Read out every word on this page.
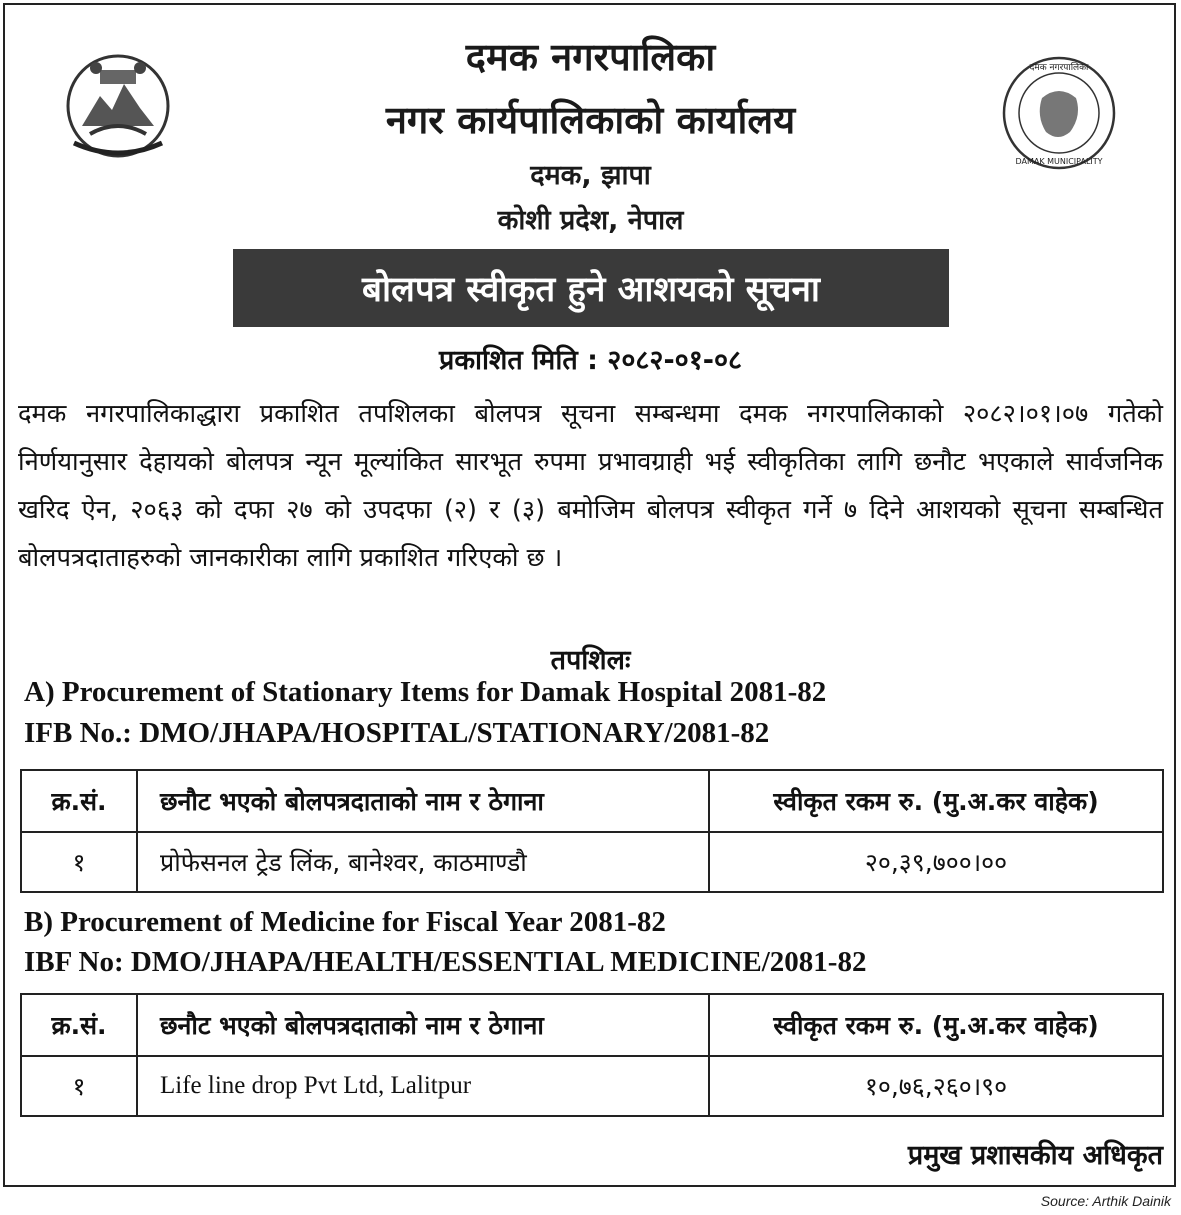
दमक नगरपालिका
DAMAK MUNICIPALITY
दमक नगरपालिका
नगर कार्यपालिकाको कार्यालय
दमक, झापा
कोशी प्रदेश, नेपाल
बोलपत्र स्वीकृत हुने आशयको सूचना
प्रकाशित मिति : २०८२-०१-०८
दमक नगरपालिकाद्धारा प्रकाशित तपशिलका बोलपत्र सूचना सम्बन्धमा दमक नगरपालिकाको २०८२।०१।०७ गतेको निर्णयानुसार देहायको बोलपत्र न्यून मूल्यांकित सारभूत रुपमा प्रभावग्राही भई स्वीकृतिका लागि छनौट भएकाले सार्वजनिक खरिद ऐन, २०६३ को दफा २७ को उपदफा (२) र (३) बमोजिम बोलपत्र स्वीकृत गर्ने ७ दिने आशयको सूचना सम्बन्धित बोलपत्रदाताहरुको जानकारीका लागि प्रकाशित गरिएको छ ।
तपशिलः
A) Procurement of Stationary Items for Damak Hospital 2081-82
IFB No.: DMO/JHAPA/HOSPITAL/STATIONARY/2081-82
क्र.सं.	छनौट भएको बोलपत्रदाताको नाम र ठेगाना	स्वीकृत रकम रु. (मु.अ.कर वाहेक)
१	प्रोफेसनल ट्रेड लिंक, बानेश्वर, काठमाण्डौ	२०,३९,७००।००
B) Procurement of Medicine for Fiscal Year 2081-82
IBF No: DMO/JHAPA/HEALTH/ESSENTIAL MEDICINE/2081-82
क्र.सं.	छनौट भएको बोलपत्रदाताको नाम र ठेगाना	स्वीकृत रकम रु. (मु.अ.कर वाहेक)
१	Life line drop Pvt Ltd, Lalitpur	१०,७६,२६०।९०
प्रमुख प्रशासकीय अधिकृत
Source: Arthik Dainik
